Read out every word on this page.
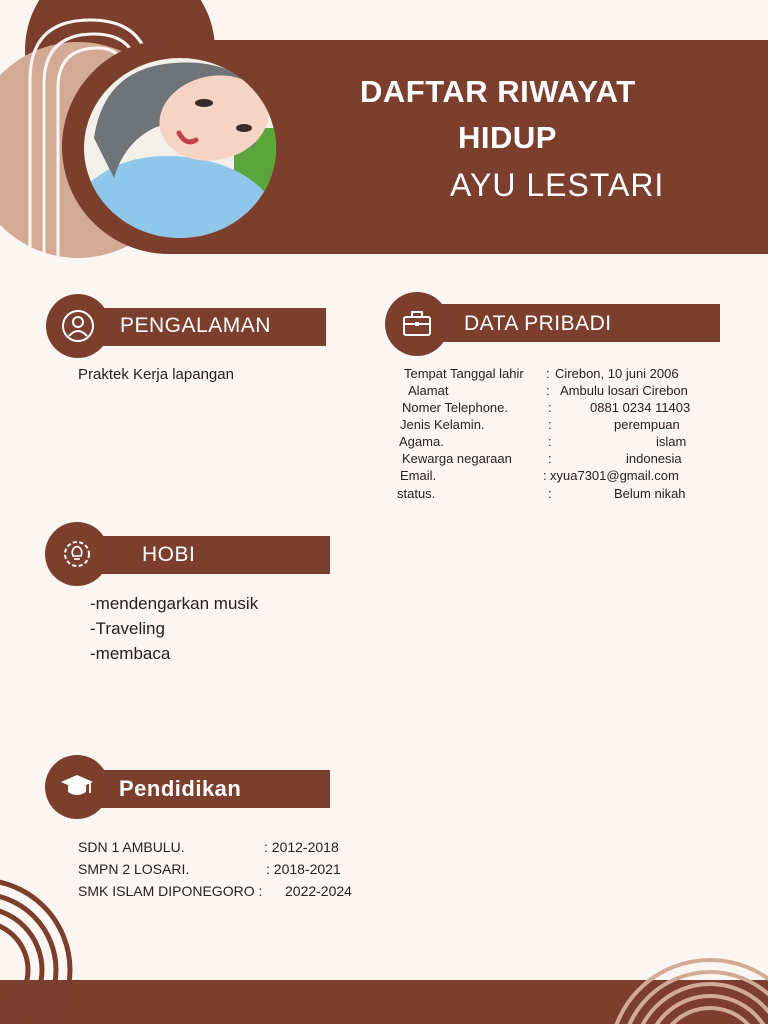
DAFTAR RIWAYAT
HIDUP
AYU LESTARI
PENGALAMAN
Praktek Kerja lapangan
DATA PRIBADI
Tempat Tanggal lahir : Cirebon, 10 juni 2006
Alamat	: Ambulu losari Cirebon
Nomer Telephone.	:	0881 0234 11403
Jenis Kelamin.	:	perempuan
Agama.	:	islam
Kewarga negaraan	:	indonesia
Email.	: xyua7301@gmail.com
status.	:	Belum nikah
HOBI
-mendengarkan musik
-Traveling
-membaca
Pendidikan
SDN 1 AMBULU.	: 2012-2018
SMPN 2 LOSARI.	: 2018-2021
SMK ISLAM DIPONEGORO : 2022-2024
